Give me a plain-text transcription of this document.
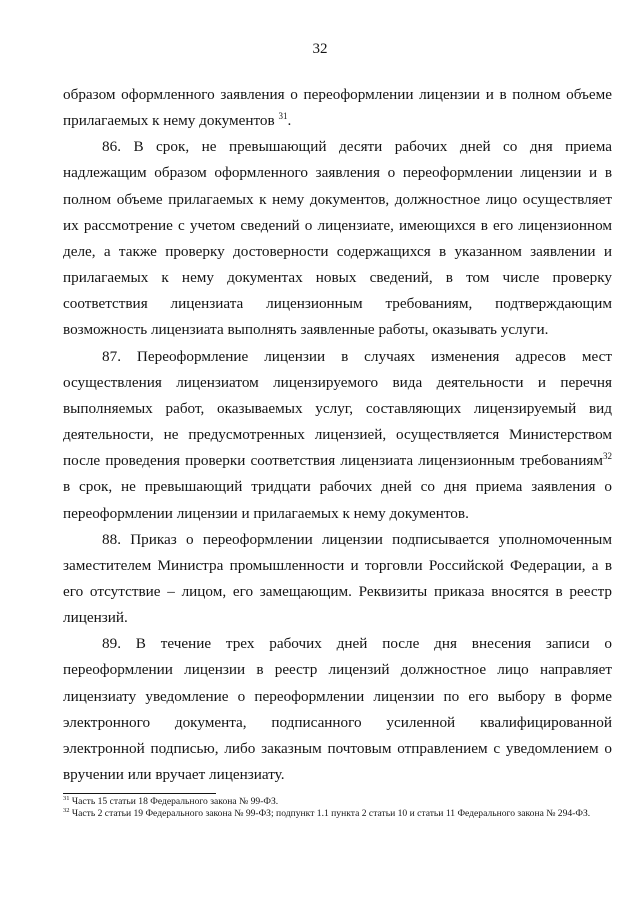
32

образом оформленного заявления о переоформлении лицензии и в полном объеме прилагаемых к нему документов $^{31}$.

86. В срок, не превышающий десяти рабочих дней со дня приема надлежащим образом оформленного заявления о переоформлении лицензии и в полном объеме прилагаемых к нему документов, должностное лицо осуществляет их рассмотрение с учетом сведений о лицензиате, имеющихся в его лицензионном деле, а также проверку достоверности содержащихся в указанном заявлении и прилагаемых к нему документах новых сведений, в том числе проверку соответствия лицензиата лицензионным требованиям, подтверждающим возможность лицензиата выполнять заявленные работы, оказывать услуги.

87. Переоформление лицензии в случаях изменения адресов мест осуществления лицензиатом лицензируемого вида деятельности и перечня выполняемых работ, оказываемых услуг, составляющих лицензируемый вид деятельности, не предусмотренных лицензией, осуществляется Министерством после проведения проверки соответствия лицензиата лицензионным требованиям$^{32}$ в срок, не превышающий тридцати рабочих дней со дня приема заявления о переоформлении лицензии и прилагаемых к нему документов.

88. Приказ о переоформлении лицензии подписывается уполномоченным заместителем Министра промышленности и торговли Российской Федерации, а в его отсутствие – лицом, его замещающим. Реквизиты приказа вносятся в реестр лицензий.

89. В течение трех рабочих дней после дня внесения записи о переоформлении лицензии в реестр лицензий должностное лицо направляет лицензиату уведомление о переоформлении лицензии по его выбору в форме электронного документа, подписанного усиленной квалифицированной электронной подписью, либо заказным почтовым отправлением с уведомлением о вручении или вручает лицензиату.

$^{31}$ Часть 15 статьи 18 Федерального закона № 99-ФЗ.

$^{32}$ Часть 2 статьи 19 Федерального закона № 99-ФЗ; подпункт 1.1 пункта 2 статьи 10 и статьи 11 Федерального закона № 294-ФЗ.
